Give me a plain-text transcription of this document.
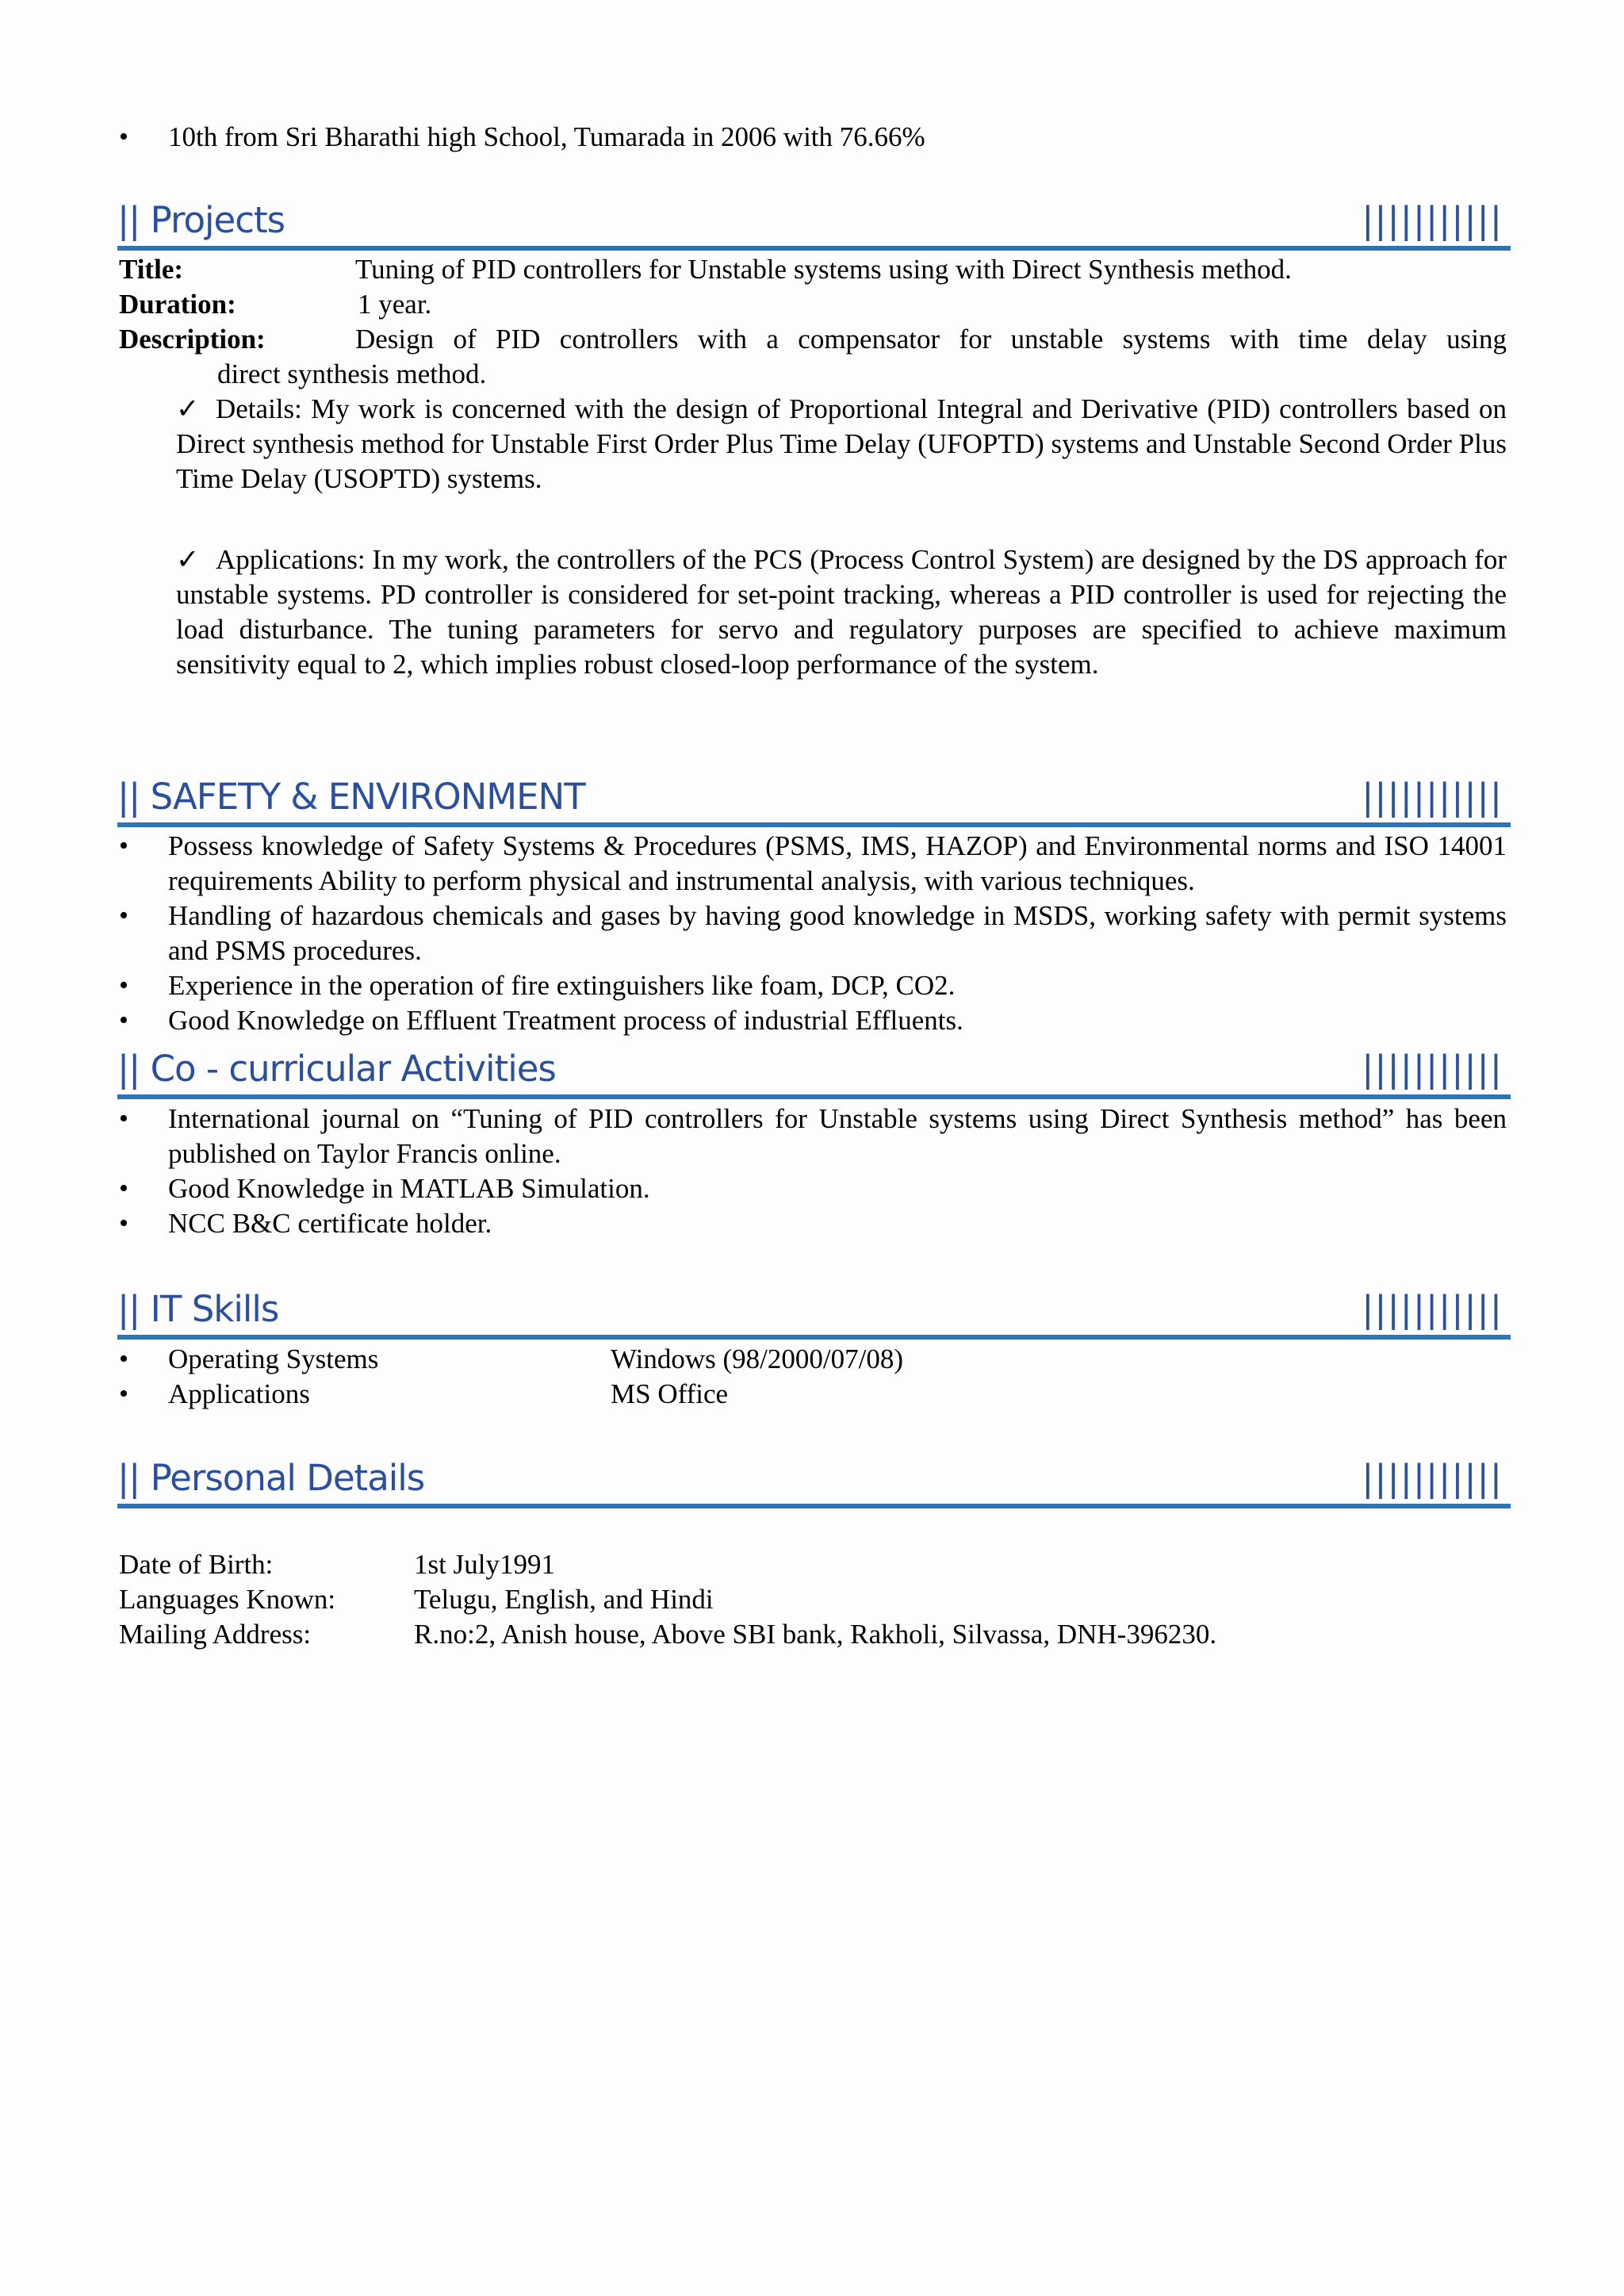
• 10th from Sri Bharathi high School, Tumarada in 2006 with 76.66%
|| Projects	|||||||||||
Title:	Tuning of PID controllers for Unstable systems using with Direct Synthesis method.
Duration:	1 year.
Description:	Design of PID controllers with a compensator for unstable systems with time delay using
direct synthesis method.
✓ Details: My work is concerned with the design of Proportional Integral and Derivative (PID) controllers based on Direct synthesis method for Unstable First Order Plus Time Delay (UFOPTD) systems and Unstable Second Order Plus Time Delay (USOPTD) systems.
✓ Applications: In my work, the controllers of the PCS (Process Control System) are designed by the DS approach for unstable systems. PD controller is considered for set-point tracking, whereas a PID controller is used for rejecting the load disturbance. The tuning parameters for servo and regulatory purposes are specified to achieve maximum sensitivity equal to 2, which implies robust closed-loop performance of the system.
|| SAFETY & ENVIRONMENT	|||||||||||
• Possess knowledge of Safety Systems & Procedures (PSMS, IMS, HAZOP) and Environmental norms and ISO 14001 requirements Ability to perform physical and instrumental analysis, with various techniques.
• Handling of hazardous chemicals and gases by having good knowledge in MSDS, working safety with permit systems and PSMS procedures.
• Experience in the operation of fire extinguishers like foam, DCP, CO2.
• Good Knowledge on Effluent Treatment process of industrial Effluents.
|| Co - curricular Activities	|||||||||||
• International journal on “Tuning of PID controllers for Unstable systems using Direct Synthesis method” has been published on Taylor Francis online.
• Good Knowledge in MATLAB Simulation.
• NCC B&C certificate holder.
|| IT Skills	|||||||||||
• Operating Systems	Windows (98/2000/07/08)
• Applications	MS Office
|| Personal Details	|||||||||||
Date of Birth:	1st July1991
Languages Known:	Telugu, English, and Hindi
Mailing Address:	R.no:2, Anish house, Above SBI bank, Rakholi, Silvassa, DNH-396230.
